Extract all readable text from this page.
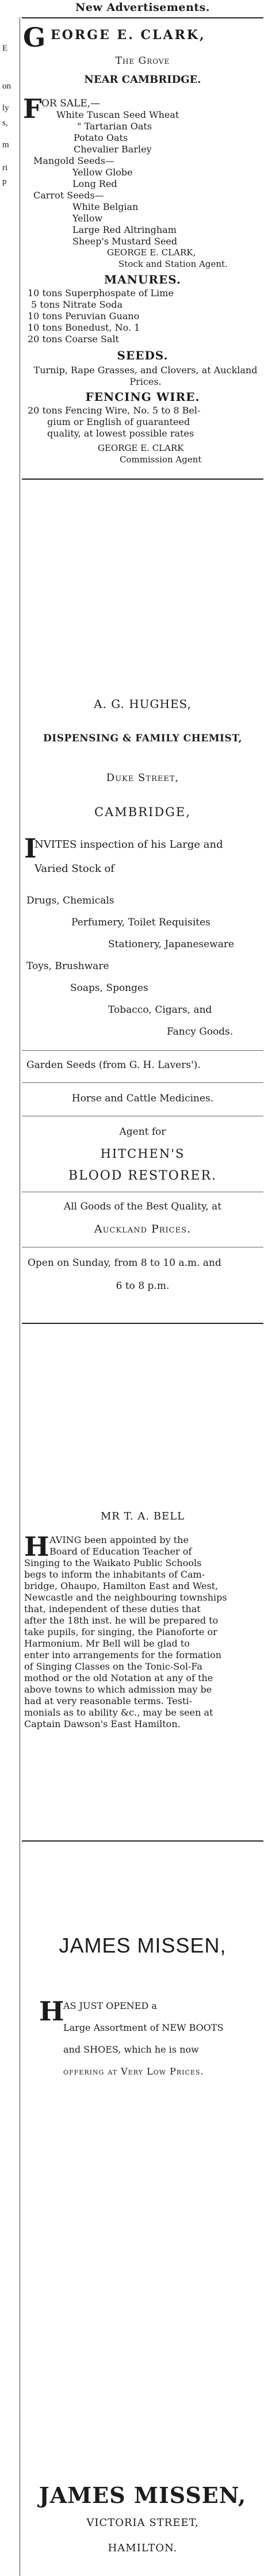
E
on
ly
s,
m
ri
p
New Advertisements.
G EORGE E. CLARK,
The Grove
NEAR CAMBRIDGE.
F OR SALE,—
White Tuscan Seed Wheat
" Tartarian Oats
Potato Oats
Chevalier Barley
Mangold Seeds—
Yellow Globe
Long Red
Carrot Seeds—
White Belgian
Yellow
Large Red Altringham
Sheep's Mustard Seed
GEORGE E. CLARK,
Stock and Station Agent.
MANURES.
10 tons Superphospate of Lime
5 tons Nitrate Soda
10 tons Peruvian Guano
10 tons Bonedust, No. 1
20 tons Coarse Salt
SEEDS.
Turnip, Rape Grasses, and Clovers, at Auckland Prices.
FENCING WIRE.
20 tons Fencing Wire, No. 5 to 8 Bel-
gium or English of guaranteed
quality, at lowest possible rates
GEORGE E. CLARK
Commission Agent
A. G. HUGHES,
DISPENSING & FAMILY CHEMIST,
Duke Street,
CAMBRIDGE,
I
NVITES inspection of his Large and
Varied Stock of
Drugs, Chemicals
Perfumery, Toilet Requisites
Stationery, Japaneseware
Toys, Brushware
Soaps, Sponges
Tobacco, Cigars, and
Fancy Goods.
Garden Seeds (from G. H. Lavers').
Horse and Cattle Medicines.
Agent for
HITCHEN'S
BLOOD RESTORER.
All Goods of the Best Quality, at
Auckland Prices.
Open on Sunday, from 8 to 10 a.m. and
6 to 8 p.m.
MR T. A. BELL
H AVING been appointed by the
Board of Education Teacher of
Singing to the Waikato Public Schools
begs to inform the inhabitants of Cam-
bridge, Ohaupo, Hamilton East and West,
Newcastle and the neighbouring townships
that, independent of these duties that
after the 18th inst. he will be prepared to
take pupils, for singing, the Pianoforte or
Harmonium. Mr Bell will be glad to
enter into arrangements for the formation
of Singing Classes on the Tonic-Sol-Fa
mothod or the old Notation at any of the
above towns to which admission may be
had at very reasonable terms. Testi-
monials as to ability &c., may be seen at
Captain Dawson's East Hamilton.
JAMES MISSEN,
H
AS JUST OPENED a
Large Assortment of NEW BOOTS
and SHOES, which he is now
offering at Very Low Prices.
JAMES MISSEN,
VICTORIA STREET,
HAMILTON.
